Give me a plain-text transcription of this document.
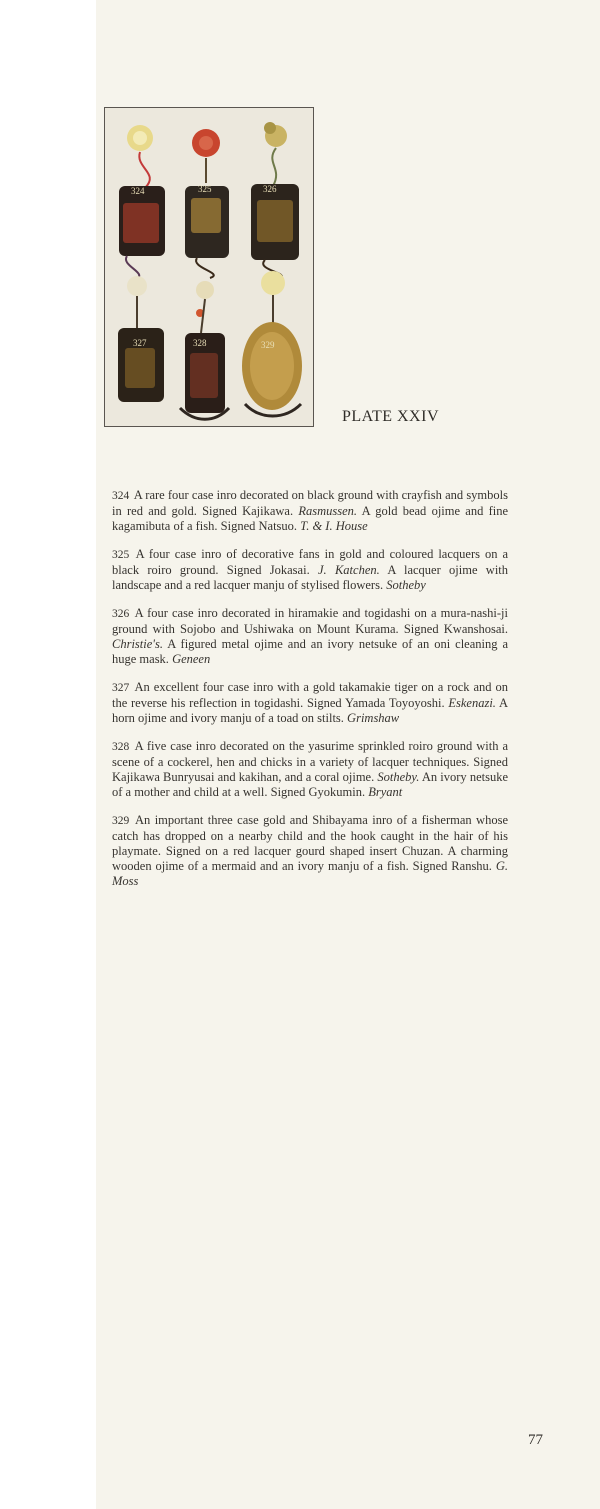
324	325	326
327	328	329
PLATE XXIV

324 A rare four case inro decorated on black ground with crayfish and symbols in red and gold. Signed Kajikawa. Rasmussen. A gold bead ojime and fine kagamibuta of a fish. Signed Natsuo. T. & I. House

325 A four case inro of decorative fans in gold and coloured lacquers on a black roiro ground. Signed Jokasai. J. Katchen. A lacquer ojime with landscape and a red lacquer manju of stylised flowers. Sotheby

326 A four case inro decorated in hiramakie and togidashi on a mura-nashi-ji ground with Sojobo and Ushiwaka on Mount Kurama. Signed Kwanshosai. Christie's. A figured metal ojime and an ivory netsuke of an oni cleaning a huge mask. Geneen

327 An excellent four case inro with a gold takamakie tiger on a rock and on the reverse his reflection in togidashi. Signed Yamada Toyoyoshi. Eskenazi. A horn ojime and ivory manju of a toad on stilts. Grimshaw

328 A five case inro decorated on the yasurime sprinkled roiro ground with a scene of a cockerel, hen and chicks in a variety of lacquer techniques. Signed Kajikawa Bunryusai and kakihan, and a coral ojime. Sotheby. An ivory netsuke of a mother and child at a well. Signed Gyokumin. Bryant

329 An important three case gold and Shibayama inro of a fisherman whose catch has dropped on a nearby child and the hook caught in the hair of his playmate. Signed on a red lacquer gourd shaped insert Chuzan. A charming wooden ojime of a mermaid and an ivory manju of a fish. Signed Ranshu. G. Moss

77
